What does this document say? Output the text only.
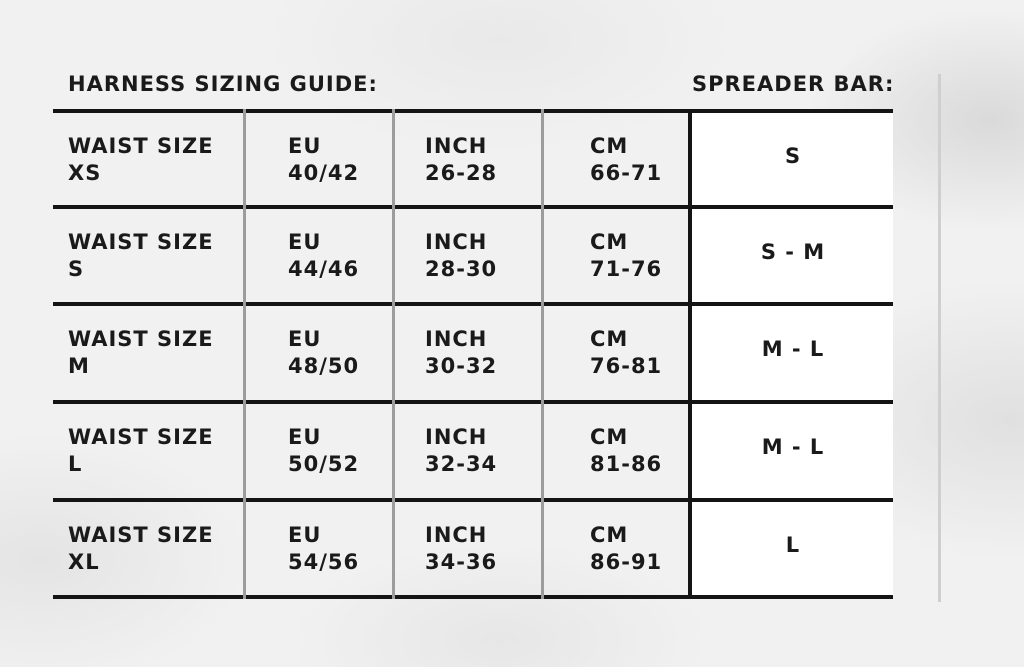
HARNESS SIZING GUIDE:	SPREADER BAR:
WAIST SIZE
XS
EU
40/42
INCH
26-28
CM
66-71
S
WAIST SIZE
S
EU
44/46
INCH
28-30
CM
71-76
S - M
WAIST SIZE
M
EU
48/50
INCH
30-32
CM
76-81
M - L
WAIST SIZE
L
EU
50/52
INCH
32-34
CM
81-86
M - L
WAIST SIZE
XL
EU
54/56
INCH
34-36
CM
86-91
L
